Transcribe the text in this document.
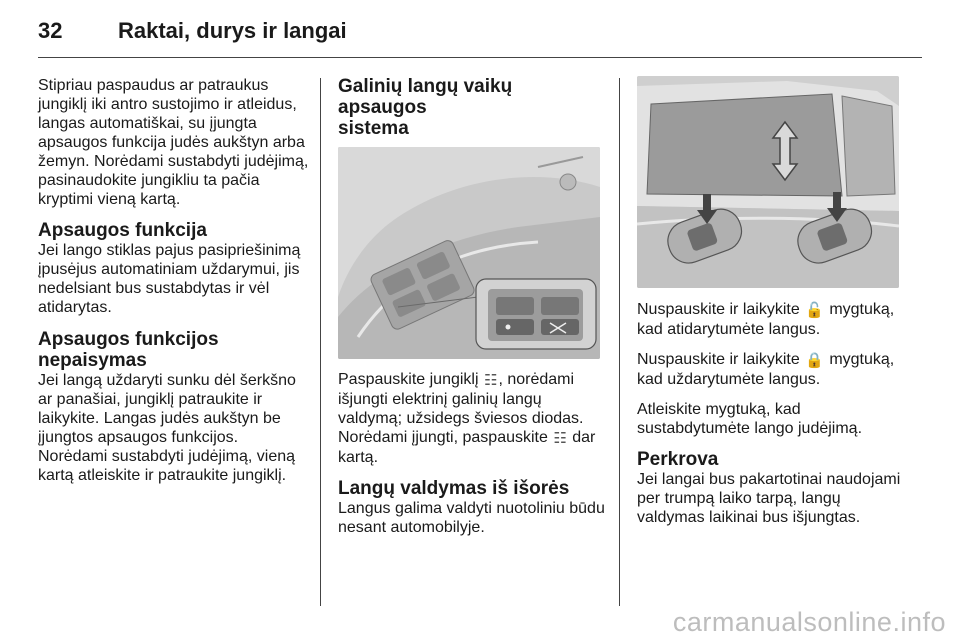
32	Raktai, durys ir langai

Stipriau paspaudus ar patraukus jungiklį iki antro sustojimo ir atleidus, langas automatiškai, su įjungta apsaugos funkcija judės aukštyn arba žemyn. Norėdami sustabdyti judėjimą, pasinaudokite jungikliu ta pačia kryptimi vieną kartą.

Apsaugos funkcija

Jei lango stiklas pajus pasipriešinimą įpusėjus automatiniam uždarymui, jis nedelsiant bus sustabdytas ir vėl atidarytas.

Apsaugos funkcijos
nepaisymas

Jei langą uždaryti sunku dėl šerkšno ar panašiai, jungiklį patraukite ir laikykite. Langas judės aukštyn be įjungtos apsaugos funkcijos. Norėdami sustabdyti judėjimą, vieną kartą atleiskite ir patraukite jungiklį.

Galinių langų vaikų apsaugos
sistema

Paspauskite jungiklį ☷, norėdami išjungti elektrinį galinių langų valdymą; užsidegs šviesos diodas. Norėdami įjungti, paspauskite ☷ dar kartą.

Langų valdymas iš išorės

Langus galima valdyti nuotoliniu būdu nesant automobilyje.

Nuspauskite ir laikykite 🔓 mygtuką, kad atidarytumėte langus.

Nuspauskite ir laikykite 🔒 mygtuką, kad uždarytumėte langus.

Atleiskite mygtuką, kad sustabdytumėte lango judėjimą.

Perkrova

Jei langai bus pakartotinai naudojami per trumpą laiko tarpą, langų valdymas laikinai bus išjungtas.

carmanualsonline.info
